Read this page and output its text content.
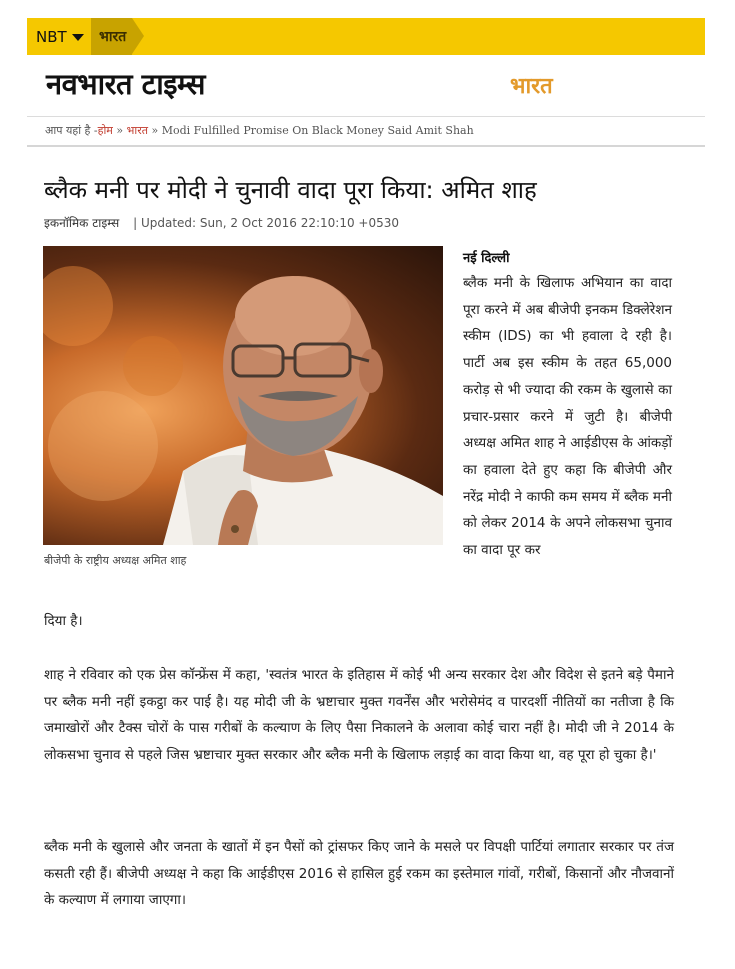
NBT भारत
नवभारत टाइम्स	भारत
आप यहां है -होम » भारत » Modi Fulfilled Promise On Black Money Said Amit Shah
ब्लैक मनी पर मोदी ने चुनावी वादा पूरा किया: अमित शाह
इकनॉमिक टाइम्स | Updated: Sun, 2 Oct 2016 22:10:10 +0530
बीजेपी के राष्ट्रीय अध्यक्ष अमित शाह
नई दिल्ली

ब्लैक मनी के खिलाफ अभियान का वादा पूरा करने में अब बीजेपी इनकम डिक्लेरेशन स्कीम (IDS) का भी हवाला दे रही है। पार्टी अब इस स्कीम के तहत 65,000 करोड़ से भी ज्यादा की रकम के खुलासे का प्रचार-प्रसार करने में जुटी है। बीजेपी अध्यक्ष अमित शाह ने आईडीएस के आंकड़ों का हवाला देते हुए कहा कि बीजेपी और नरेंद्र मोदी ने काफी कम समय में ब्लैक मनी को लेकर 2014 के अपने लोकसभा चुनाव का वादा पूर कर

दिया है।

शाह ने रविवार को एक प्रेस कॉन्फ्रेंस में कहा, 'स्वतंत्र भारत के इतिहास में कोई भी अन्य सरकार देश और विदेश से इतने बड़े पैमाने पर ब्लैक मनी नहीं इकट्ठा कर पाई है। यह मोदी जी के भ्रष्टाचार मुक्त गवर्नेंस और भरोसेमंद व पारदर्शी नीतियों का नतीजा है कि जमाखोरों और टैक्स चोरों के पास गरीबों के कल्याण के लिए पैसा निकालने के अलावा कोई चारा नहीं है। मोदी जी ने 2014 के लोकसभा चुनाव से पहले जिस भ्रष्टाचार मुक्त सरकार और ब्लैक मनी के खिलाफ लड़ाई का वादा किया था, वह पूरा हो चुका है।'

ब्लैक मनी के खुलासे और जनता के खातों में इन पैसों को ट्रांसफर किए जाने के मसले पर विपक्षी पार्टियां लगातार सरकार पर तंज कसती रही हैं। बीजेपी अध्यक्ष ने कहा कि आईडीएस 2016 से हासिल हुई रकम का इस्तेमाल गांवों, गरीबों, किसानों और नौजवानों के कल्याण में लगाया जाएगा।
